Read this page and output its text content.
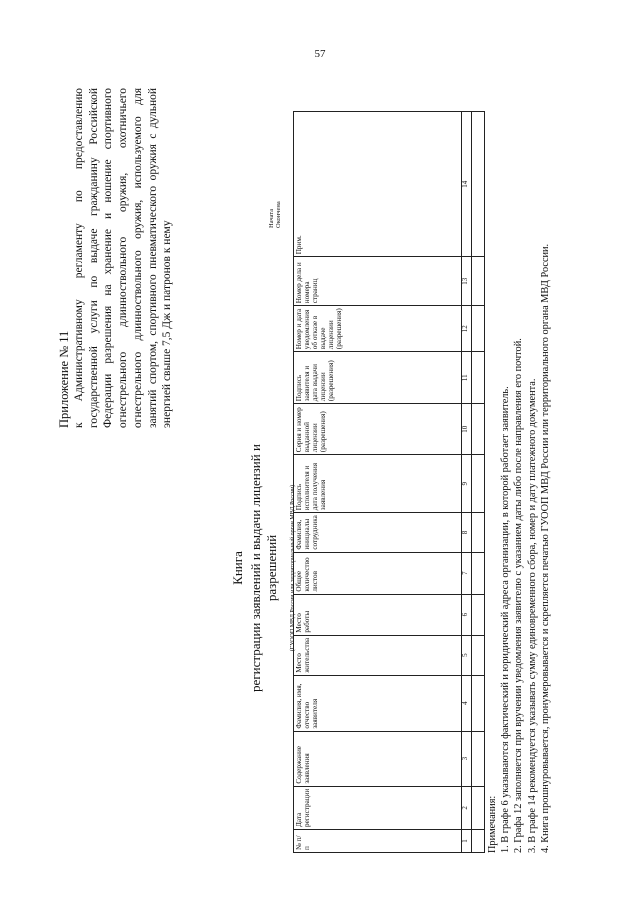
57
Приложение № 11 к Административному регламенту по предоставлению государственной услуги по выдаче гражданину Российской Федерации разрешения на хранение и ношение спортивного огнестрельного длинноствольного оружия, охотничьего огнестрельного длинноствольного оружия, используемого для занятий спортом, спортивного пневматического оружия с дульной энергией свыше 7,5 Дж и патронов к нему
Книга регистрации заявлений и выдачи лицензий и разрешений (ГУООП МВД России или территориальный орган МВД России)
Начата Окончена
№ п/п	Дата регистрации	Содержание заявления	Фамилия, имя, отчество заявителя	Место жительства	Место работы	Общее количество листов	Фамилия, инициалы сотрудника	Подпись исполнителя и дата получения заявления	Серия и номер выданной лицензии (разрешения)	Подпись заявителя и дата выдачи лицензии (разрешения)	Номер и дата уведомления об отказе в выдаче лицензии (разрешения)	Номер дела и номера страниц	Прим.
1	2	3	4	5	6	7	8	9	10	11	12	13	14

Примечания: 1. В графе 6 указываются фактический и юридический адреса организации, в которой работает заявитель. 2. Графа 12 заполняется при вручении уведомления заявителю с указанием даты либо после направления его почтой. 3. В графе 14 рекомендуется указывать сумму единовременного сбора, номер и дату платежного документа. 4. Книга прошнуровывается, пронумеровывается и скрепляется печатью ГУООП МВД России или территориального органа МВД России.
